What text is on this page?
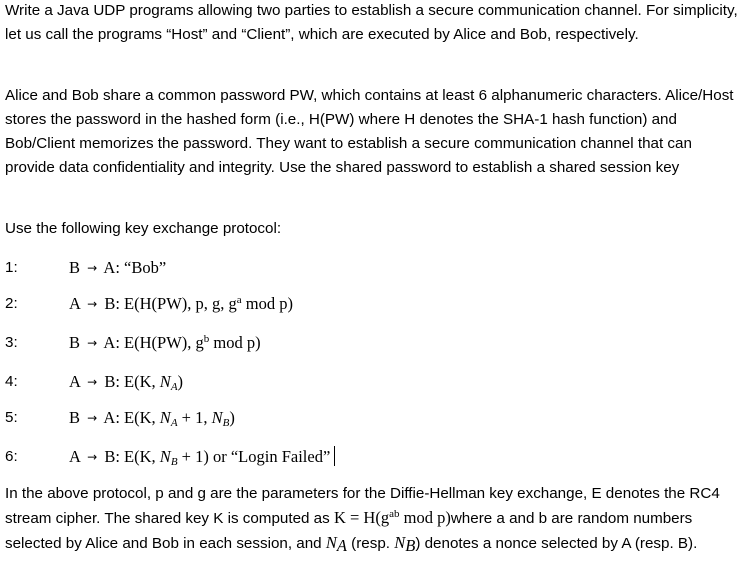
Write a Java UDP programs allowing two parties to establish a secure communication channel. For simplicity, let us call the programs “Host” and “Client”, which are executed by Alice and Bob, respectively.

Alice and Bob share a common password PW, which contains at least 6 alphanumeric characters. Alice/Host stores the password in the hashed form (i.e., H(PW) where H denotes the SHA-1 hash function) and Bob/Client memorizes the password. They want to establish a secure communication channel that can provide data confidentiality and integrity. Use the shared password to establish a shared session key

Use the following key exchange protocol:

1:	B → A: “Bob”
2:	A → B: E(H(PW), p, g, $g^a$ mod p)
3:	B → A: E(H(PW), $g^b$ mod p)
4:	A → B: E(K, $N_A$)
5:	B → A: E(K, $N_A + 1$, $N_B$)
6:	A → B: E(K, $N_B + 1$) or “Login Failed”

In the above protocol, p and g are the parameters for the Diffie-Hellman key exchange, E denotes the RC4 stream cipher. The shared key K is computed as $K = H(g^{ab}$ mod p)where a and b are random numbers selected by Alice and Bob in each session, and $N_A$ (resp. $N_B$) denotes a nonce selected by A (resp. B).
